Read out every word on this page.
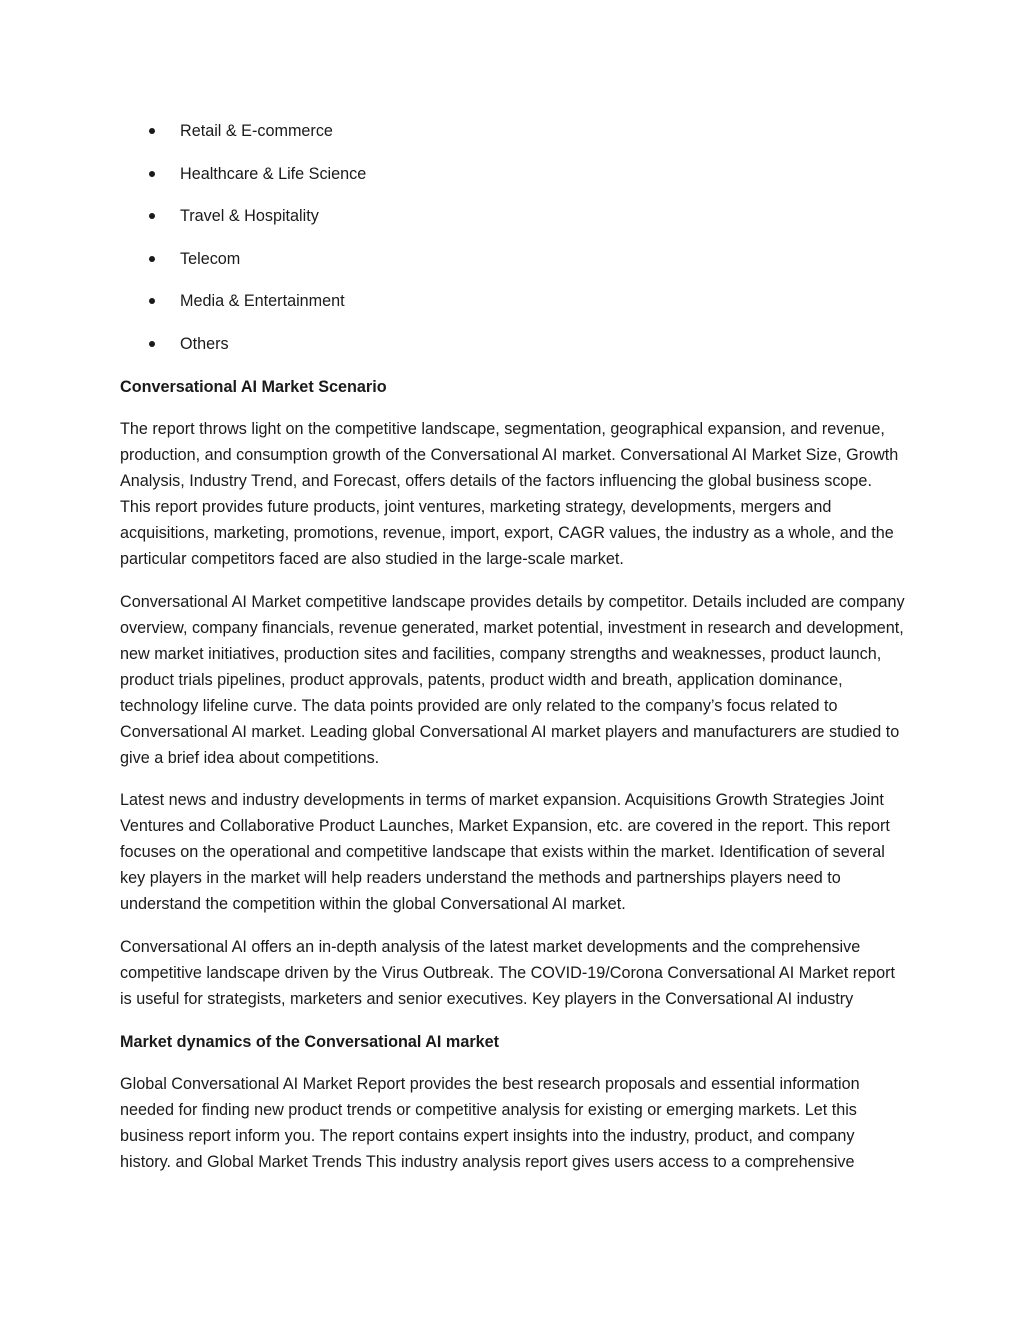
Retail & E-commerce
Healthcare & Life Science
Travel & Hospitality
Telecom
Media & Entertainment
Others
Conversational AI Market Scenario

The report throws light on the competitive landscape, segmentation, geographical expansion, and revenue, production, and consumption growth of the Conversational AI market. Conversational AI Market Size, Growth Analysis, Industry Trend, and Forecast, offers details of the factors influencing the global business scope. This report provides future products, joint ventures, marketing strategy, developments, mergers and acquisitions, marketing, promotions, revenue, import, export, CAGR values, the industry as a whole, and the particular competitors faced are also studied in the large-scale market.

Conversational AI Market competitive landscape provides details by competitor. Details included are company overview, company financials, revenue generated, market potential, investment in research and development, new market initiatives, production sites and facilities, company strengths and weaknesses, product launch, product trials pipelines, product approvals, patents, product width and breath, application dominance, technology lifeline curve. The data points provided are only related to the company’s focus related to Conversational AI market. Leading global Conversational AI market players and manufacturers are studied to give a brief idea about competitions.

Latest news and industry developments in terms of market expansion. Acquisitions Growth Strategies Joint Ventures and Collaborative Product Launches, Market Expansion, etc. are covered in the report. This report focuses on the operational and competitive landscape that exists within the market. Identification of several key players in the market will help readers understand the methods and partnerships players need to understand the competition within the global Conversational AI market.

Conversational AI offers an in-depth analysis of the latest market developments and the comprehensive competitive landscape driven by the Virus Outbreak. The COVID-19/Corona Conversational AI Market report is useful for strategists, marketers and senior executives. Key players in the Conversational AI industry

Market dynamics of the Conversational AI market

Global Conversational AI Market Report provides the best research proposals and essential information needed for finding new product trends or competitive analysis for existing or emerging markets. Let this business report inform you. The report contains expert insights into the industry, product, and company history. and Global Market Trends This industry analysis report gives users access to a comprehensive
